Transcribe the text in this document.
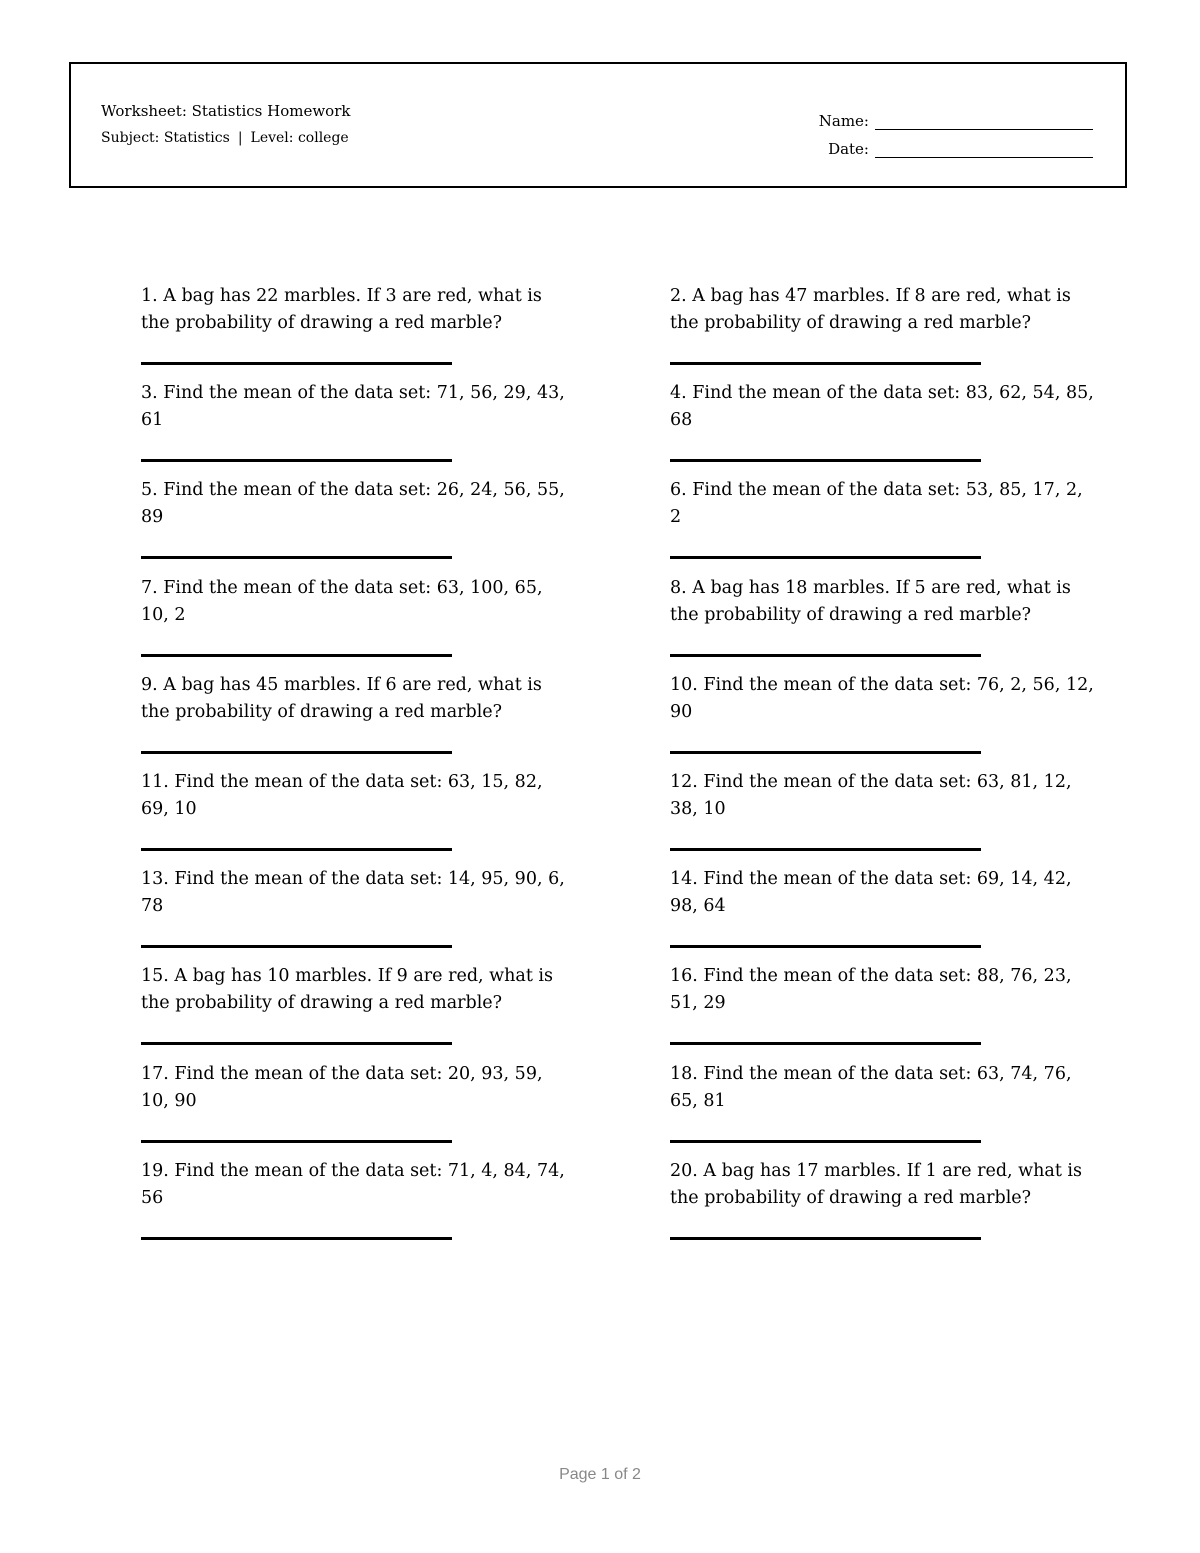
Worksheet: Statistics Homework
Subject: Statistics | Level: college
Name:
Date:
1. A bag has 22 marbles. If 3 are red, what is the probability of drawing a red marble?
2. A bag has 47 marbles. If 8 are red, what is the probability of drawing a red marble?
3. Find the mean of the data set: 71, 56, 29, 43, 61
4. Find the mean of the data set: 83, 62, 54, 85, 68
5. Find the mean of the data set: 26, 24, 56, 55, 89
6. Find the mean of the data set: 53, 85, 17, 2, 2
7. Find the mean of the data set: 63, 100, 65, 10, 2
8. A bag has 18 marbles. If 5 are red, what is the probability of drawing a red marble?
9. A bag has 45 marbles. If 6 are red, what is the probability of drawing a red marble?
10. Find the mean of the data set: 76, 2, 56, 12, 90
11. Find the mean of the data set: 63, 15, 82, 69, 10
12. Find the mean of the data set: 63, 81, 12, 38, 10
13. Find the mean of the data set: 14, 95, 90, 6, 78
14. Find the mean of the data set: 69, 14, 42, 98, 64
15. A bag has 10 marbles. If 9 are red, what is the probability of drawing a red marble?
16. Find the mean of the data set: 88, 76, 23, 51, 29
17. Find the mean of the data set: 20, 93, 59, 10, 90
18. Find the mean of the data set: 63, 74, 76, 65, 81
19. Find the mean of the data set: 71, 4, 84, 74, 56
20. A bag has 17 marbles. If 1 are red, what is the probability of drawing a red marble?
Page 1 of 2
